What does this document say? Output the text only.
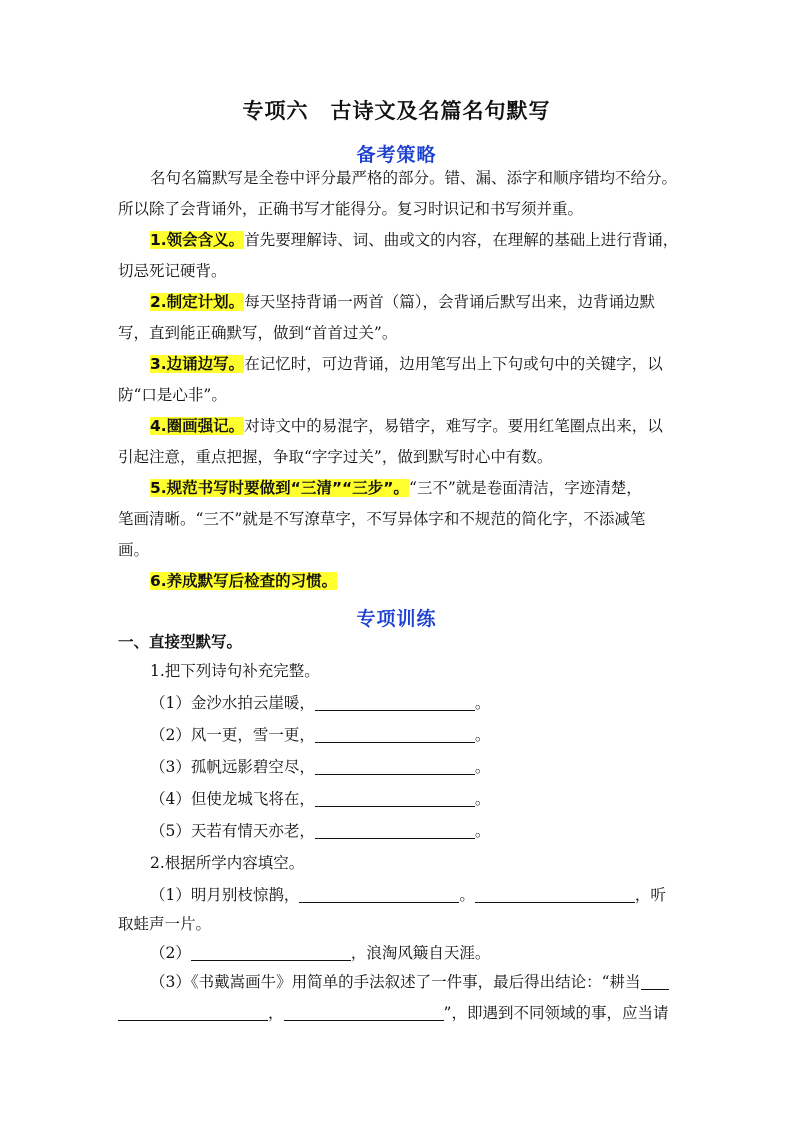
专项六　古诗文及名篇名句默写
备考策略
名句名篇默写是全卷中评分最严格的部分。错、漏、添字和顺序错均不给分。
所以除了会背诵外，正确书写才能得分。复习时识记和书写须并重。
1.领会含义。首先要理解诗、词、曲或文的内容，在理解的基础上进行背诵，
切忌死记硬背。
2.制定计划。每天坚持背诵一两首（篇），会背诵后默写出来，边背诵边默
写，直到能正确默写，做到“首首过关”。
3.边诵边写。在记忆时，可边背诵，边用笔写出上下句或句中的关键字，以
防“口是心非”。
4.圈画强记。对诗文中的易混字，易错字，难写字。要用红笔圈点出来，以
引起注意，重点把握，争取“字字过关”，做到默写时心中有数。
5.规范书写时要做到“三清”“三步”。“三不”就是卷面清洁，字迹清楚，
笔画清晰。“三不”就是不写潦草字，不写异体字和不规范的简化字，不添减笔
画。
6.养成默写后检查的习惯。
专项训练
一、直接型默写。
1.把下列诗句补充完整。
（1）金沙水拍云崖暖，	。
（2）风一更，雪一更，	。
（3）孤帆远影碧空尽，	。
（4）但使龙城飞将在，	。
（5）天若有情天亦老，	。
2.根据所学内容填空。
（1）明月别枝惊鹊，	。	，听
取蛙声一片。
（2）	，浪淘风簸自天涯。
（3）《书戴嵩画牛》用简单的手法叙述了一件事，最后得出结论：“耕当
，	”，即遇到不同领域的事，应当请
